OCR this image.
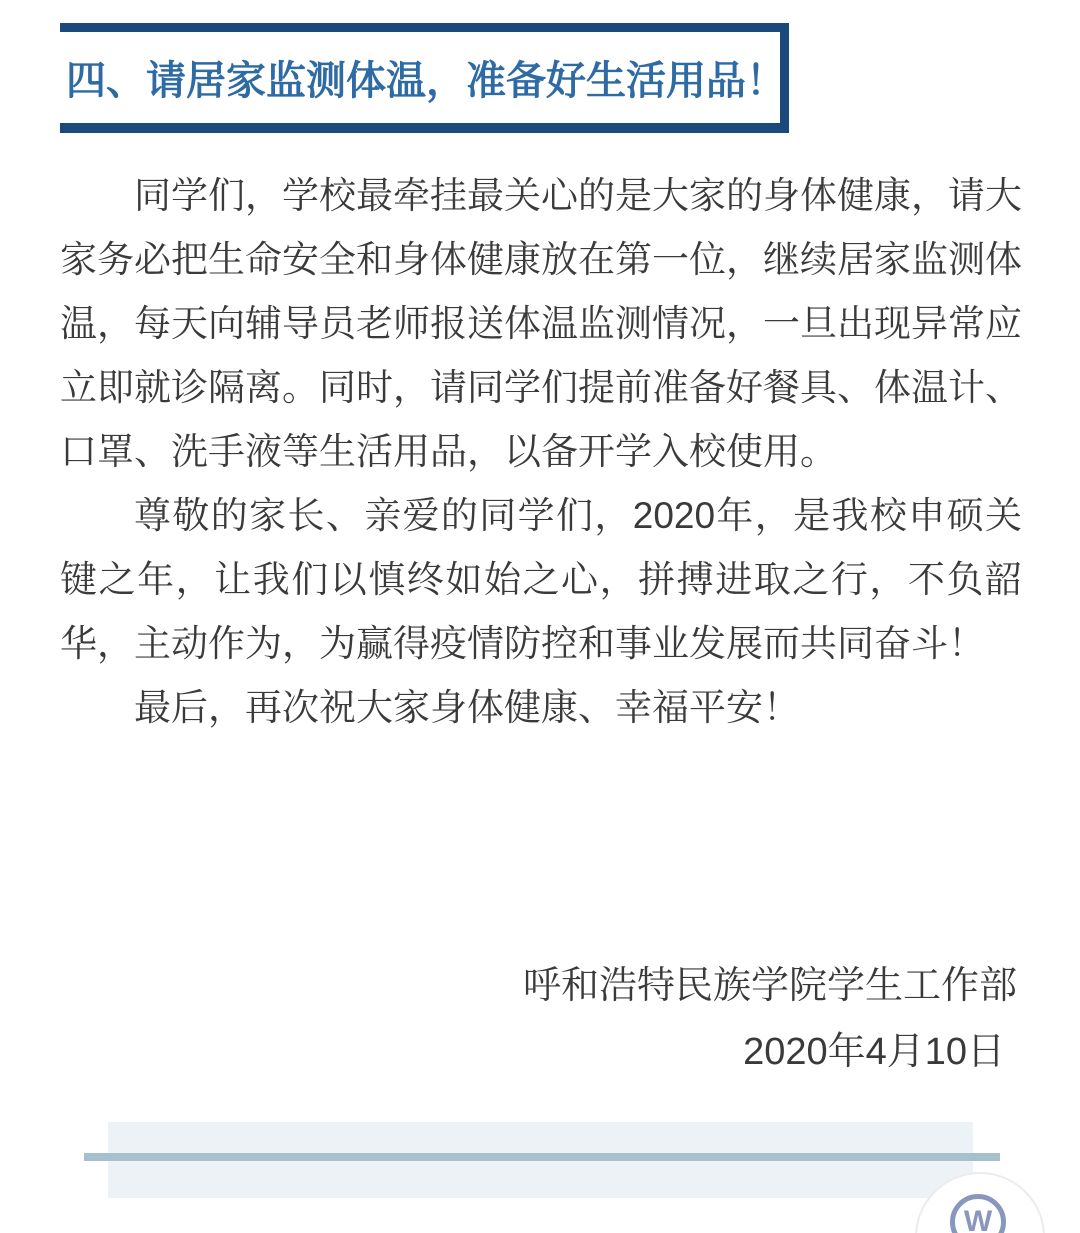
四、请居家监测体温，准备好生活用品！

同学们，学校最牵挂最关心的是大家的身体健康，请大家务必把生命安全和身体健康放在第一位，继续居家监测体温，每天向辅导员老师报送体温监测情况，一旦出现异常应立即就诊隔离。同时，请同学们提前准备好餐具、体温计、口罩、洗手液等生活用品，以备开学入校使用。

尊敬的家长、亲爱的同学们，2020年，是我校申硕关键之年，让我们以慎终如始之心，拼搏进取之行，不负韶华，主动作为，为赢得疫情防控和事业发展而共同奋斗！

最后，再次祝大家身体健康、幸福平安！

呼和浩特民族学院学生工作部
2020年4月10日
W
